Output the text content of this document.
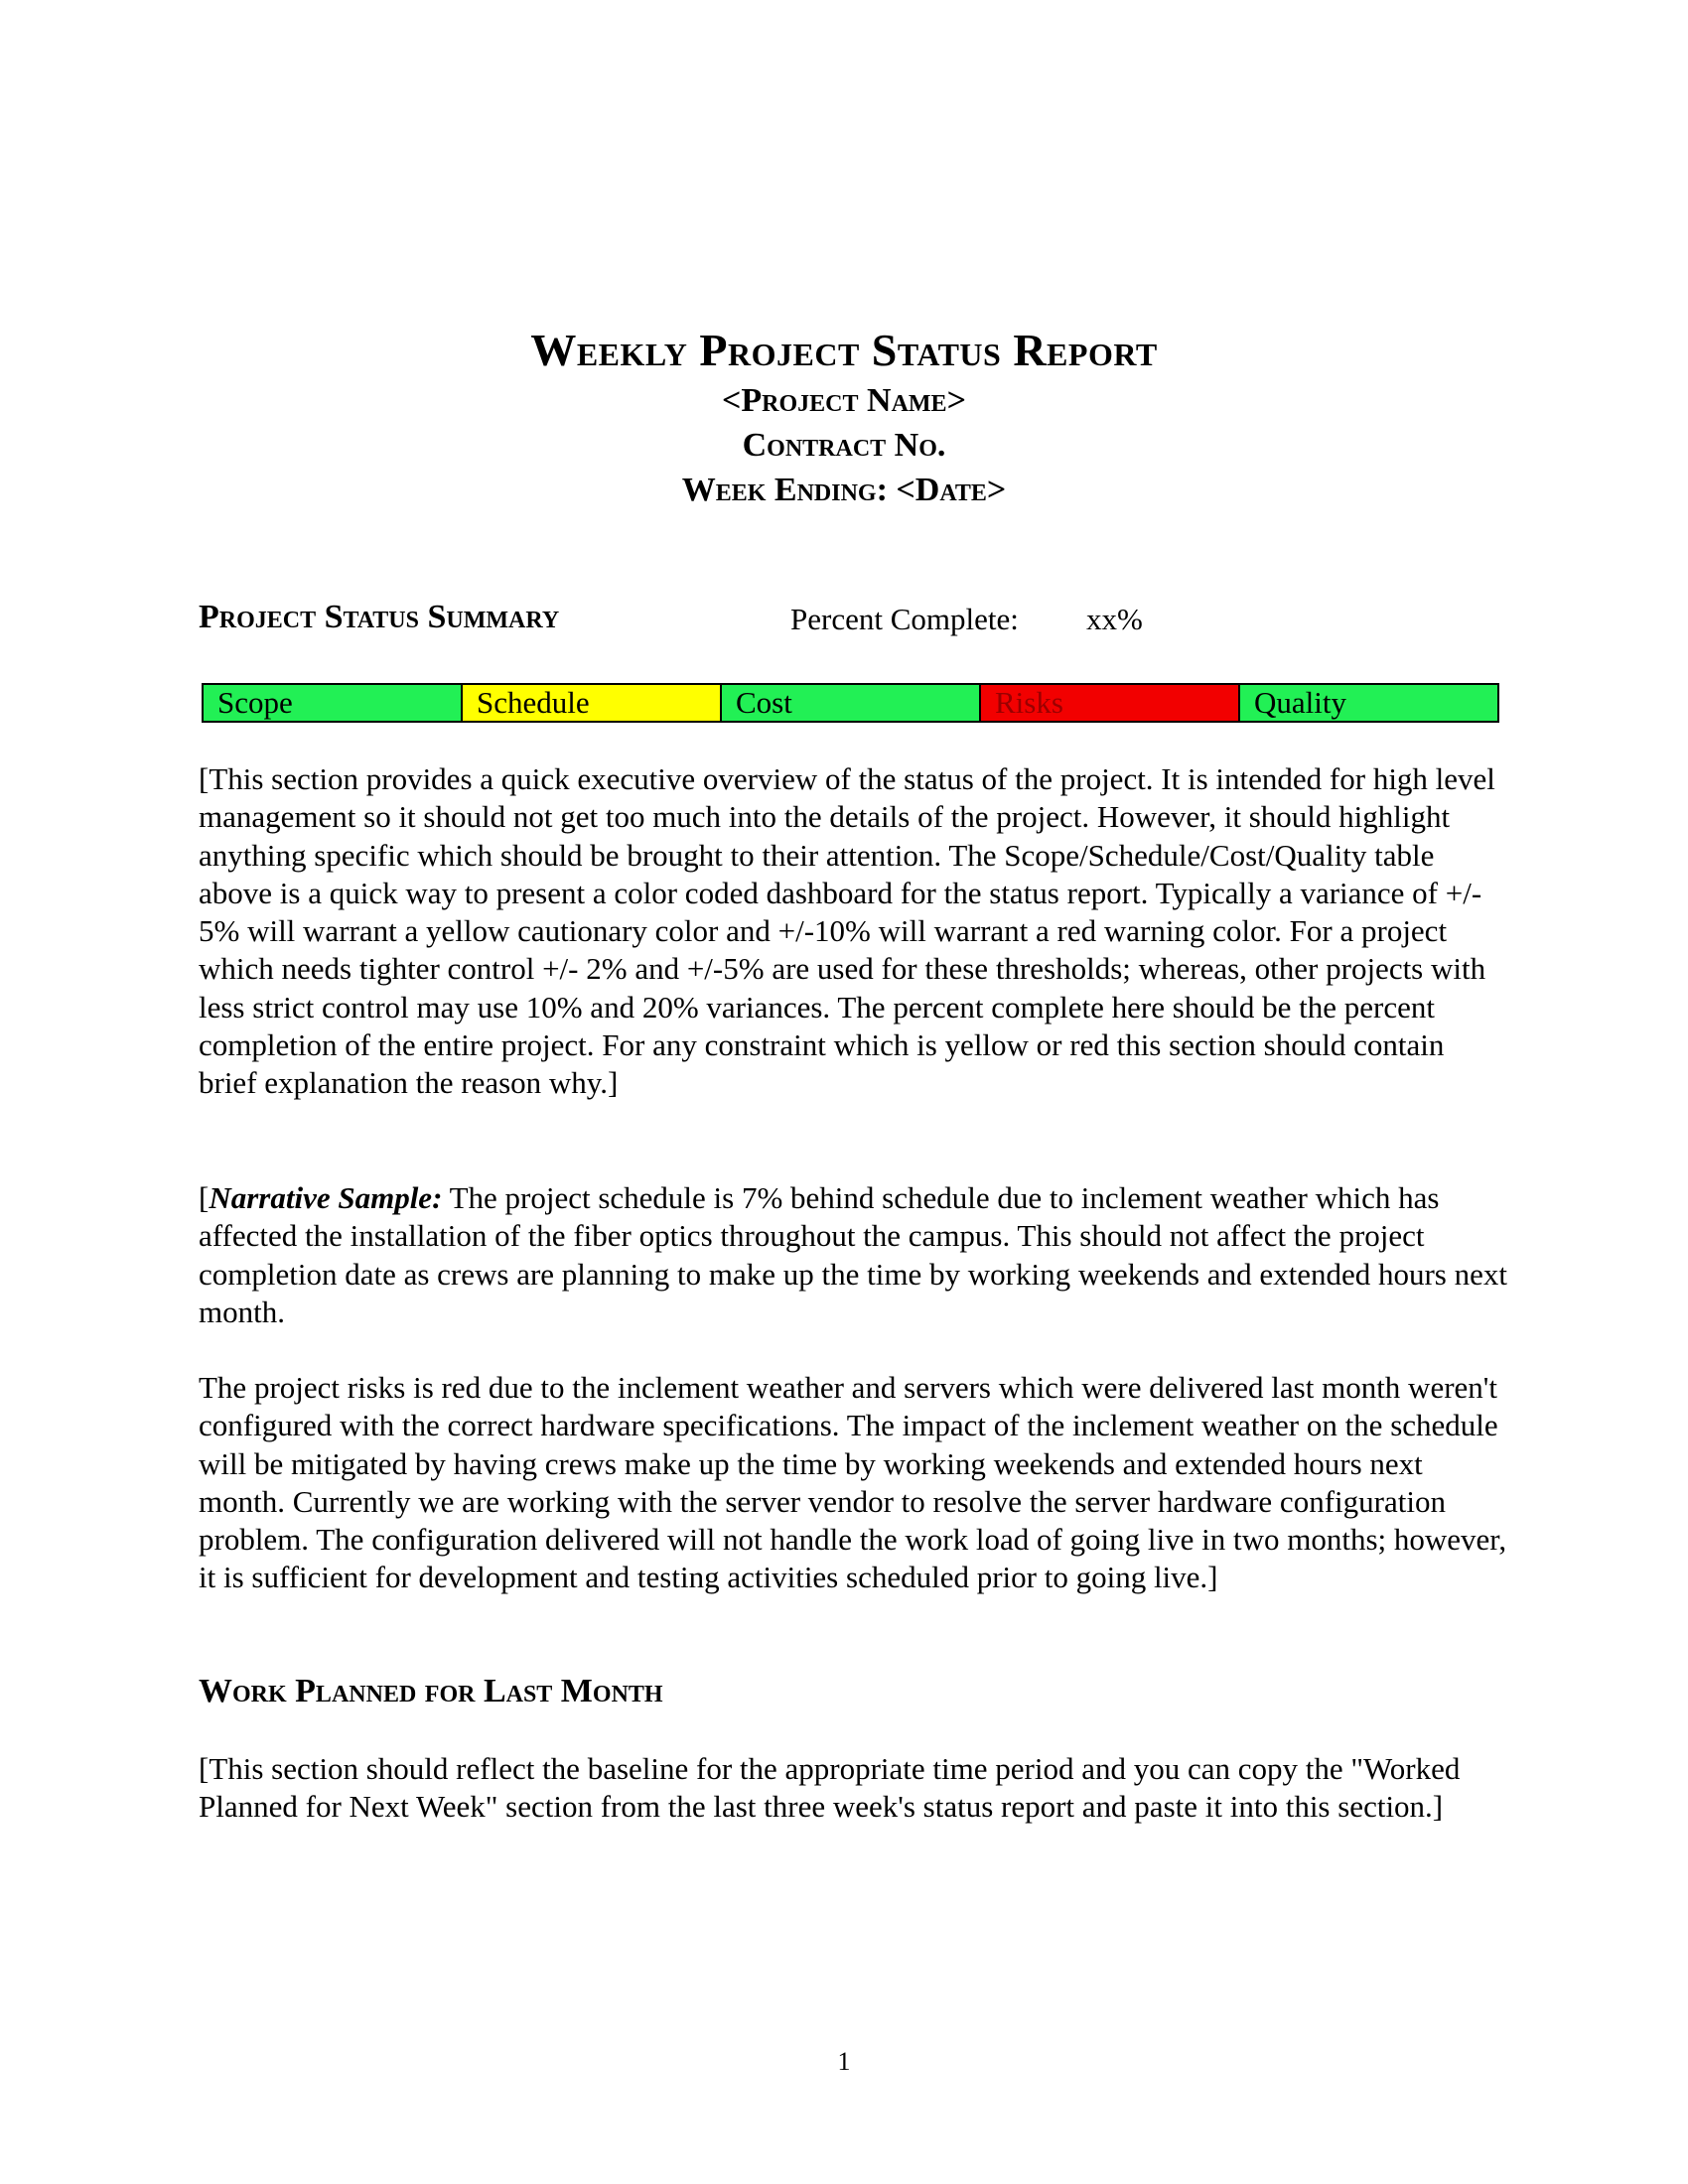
Weekly Project Status Report
<Project Name>
Contract No.
Week Ending: <Date>
Project Status Summary	Percent Complete: xx%
Scope	Schedule	Cost	Risks	Quality

[This section provides a quick executive overview of the status of the project. It is intended for high level management so it should not get too much into the details of the project. However, it should highlight anything specific which should be brought to their attention. The Scope/Schedule/Cost/Quality table above is a quick way to present a color coded dashboard for the status report. Typically a variance of +/- 5% will warrant a yellow cautionary color and +/-10% will warrant a red warning color. For a project which needs tighter control +/- 2% and +/-5% are used for these thresholds; whereas, other projects with less strict control may use 10% and 20% variances. The percent complete here should be the percent completion of the entire project. For any constraint which is yellow or red this section should contain brief explanation the reason why.]

[Narrative Sample: The project schedule is 7% behind schedule due to inclement weather which has affected the installation of the fiber optics throughout the campus. This should not affect the project completion date as crews are planning to make up the time by working weekends and extended hours next month.

The project risks is red due to the inclement weather and servers which were delivered last month weren't configured with the correct hardware specifications. The impact of the inclement weather on the schedule will be mitigated by having crews make up the time by working weekends and extended hours next month. Currently we are working with the server vendor to resolve the server hardware configuration problem. The configuration delivered will not handle the work load of going live in two months; however, it is sufficient for development and testing activities scheduled prior to going live.]

Work Planned for Last Month

[This section should reflect the baseline for the appropriate time period and you can copy the "Worked Planned for Next Week" section from the last three week's status report and paste it into this section.]

1
